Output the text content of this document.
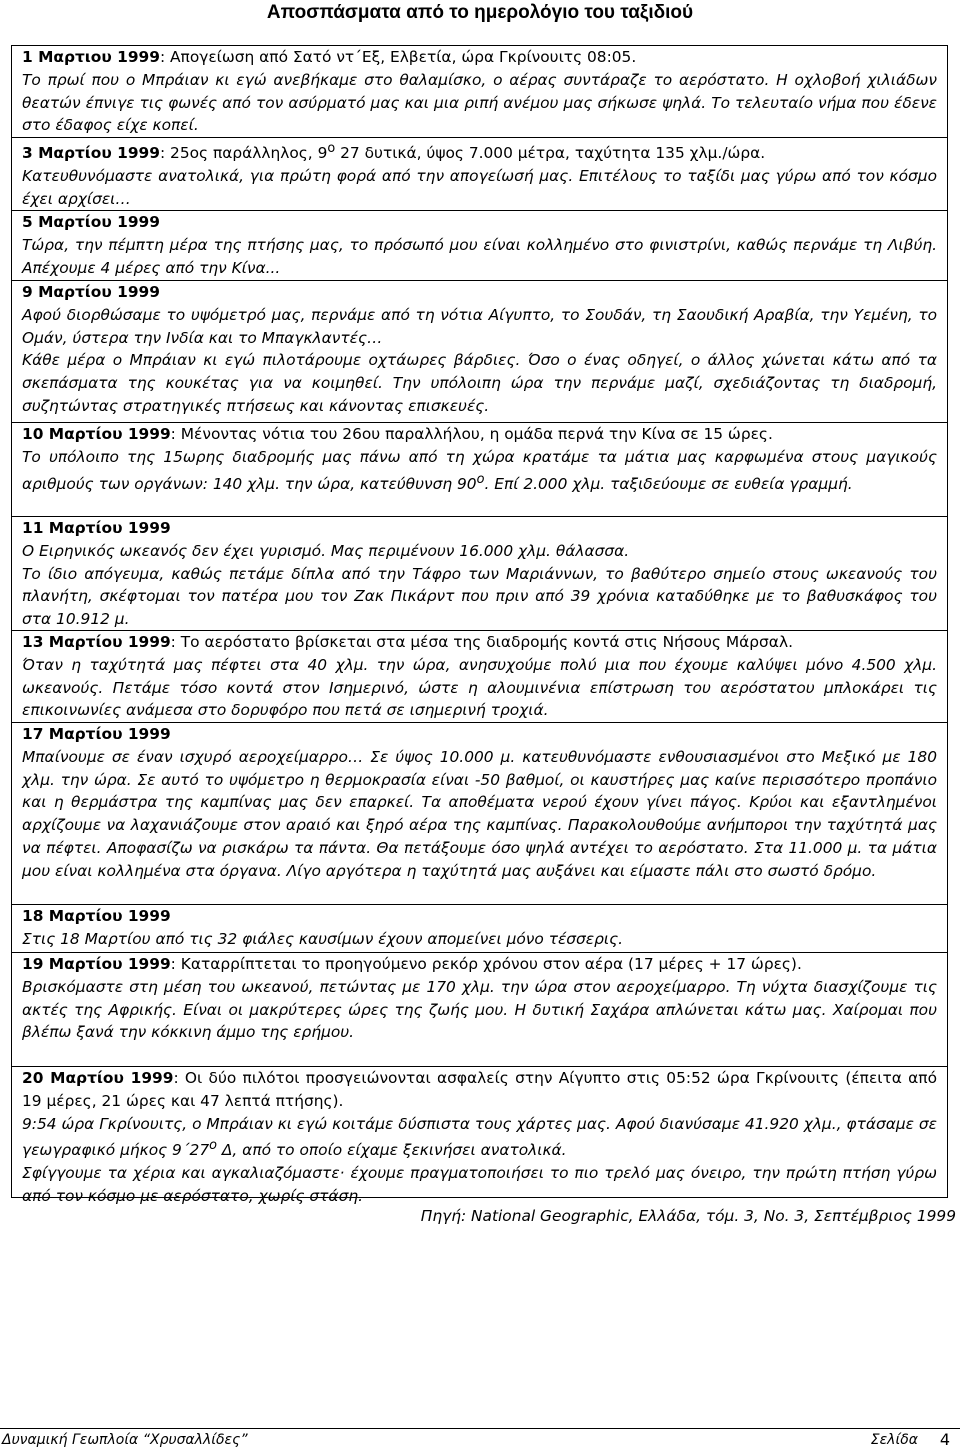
Αποσπάσματα από το ημερολόγιο του ταξιδιού

1 Μαρτιου 1999: Απογείωση από Σατό ντ΄Εξ, Ελβετία, ώρα Γκρίνουιτς 08:05.

Το πρωί που ο Μπράιαν κι εγώ ανεβήκαμε στο θαλαμίσκο, ο αέρας συντάραζε το αερόστατο. Η οχλοβοή χιλιάδων θεατών έπνιγε τις φωνές από τον ασύρματό μας και μια ριπή ανέμου μας σήκωσε ψηλά. Το τελευταίο νήμα που έδενε στο έδαφος είχε κοπεί.

3 Μαρτίου 1999: 25ος παράλληλος, $9^o$ 27 δυτικά, ύψος 7.000 μέτρα, ταχύτητα 135 χλμ./ώρα.

Κατευθυνόμαστε ανατολικά, για πρώτη φορά από την απογείωσή μας. Επιτέλους το ταξίδι μας γύρω από τον κόσμο έχει αρχίσει…

5 Μαρτίου 1999

Τώρα, την πέμπτη μέρα της πτήσης μας, το πρόσωπό μου είναι κολλημένο στο φινιστρίνι, καθώς περνάμε τη Λιβύη. Απέχουμε 4 μέρες από την Κίνα...

9 Μαρτίου 1999

Αφού διορθώσαμε το υψόμετρό μας, περνάμε από τη νότια Αίγυπτο, το Σουδάν, τη Σαουδική Αραβία, την Υεμένη, το Ομάν, ύστερα την Ινδία και το Μπαγκλαντές…

Κάθε μέρα ο Μπράιαν κι εγώ πιλοτάρουμε οχτάωρες βάρδιες. Όσο ο ένας οδηγεί, ο άλλος χώνεται κάτω από τα σκεπάσματα της κουκέτας για να κοιμηθεί. Την υπόλοιπη ώρα την περνάμε μαζί, σχεδιάζοντας τη διαδρομή, συζητώντας στρατηγικές πτήσεως και κάνοντας επισκευές.

10 Μαρτίου 1999: Μένοντας νότια του 26ου παραλλήλου, η ομάδα περνά την Κίνα σε 15 ώρες.

Το υπόλοιπο της 15ωρης διαδρομής μας πάνω από τη χώρα κρατάμε τα μάτια μας καρφωμένα στους μαγικούς αριθμούς των οργάνων: 140 χλμ. την ώρα, κατεύθυνση $90^o$. Επί 2.000 χλμ. ταξιδεύουμε σε ευθεία γραμμή.

11 Μαρτίου 1999

Ο Ειρηνικός ωκεανός δεν έχει γυρισμό. Μας περιμένουν 16.000 χλμ. θάλασσα.

Το ίδιο απόγευμα, καθώς πετάμε δίπλα από την Τάφρο των Μαριάννων, το βαθύτερο σημείο στους ωκεανούς του πλανήτη, σκέφτομαι τον πατέρα μου τον Ζακ Πικάρντ που πριν από 39 χρόνια καταδύθηκε με το βαθυσκάφος του στα 10.912 μ.

13 Μαρτίου 1999: Το αερόστατο βρίσκεται στα μέσα της διαδρομής κοντά στις Νήσους Μάρσαλ.

Όταν η ταχύτητά μας πέφτει στα 40 χλμ. την ώρα, ανησυχούμε πολύ μια που έχουμε καλύψει μόνο 4.500 χλμ. ωκεανούς. Πετάμε τόσο κοντά στον Ισημερινό, ώστε η αλουμινένια επίστρωση του αερόστατου μπλοκάρει τις επικοινωνίες ανάμεσα στο δορυφόρο που πετά σε ισημερινή τροχιά.

17 Μαρτίου 1999

Μπαίνουμε σε έναν ισχυρό αεροχείμαρρο… Σε ύψος 10.000 μ. κατευθυνόμαστε ενθουσιασμένοι στο Μεξικό με 180 χλμ. την ώρα. Σε αυτό το υψόμετρο η θερμοκρασία είναι -50 βαθμοί, οι καυστήρες μας καίνε περισσότερο προπάνιο και η θερμάστρα της καμπίνας μας δεν επαρκεί. Τα αποθέματα νερού έχουν γίνει πάγος. Κρύοι και εξαντλημένοι αρχίζουμε να λαχανιάζουμε στον αραιό και ξηρό αέρα της καμπίνας. Παρακολουθούμε ανήμποροι την ταχύτητά μας να πέφτει. Αποφασίζω να ρισκάρω τα πάντα. Θα πετάξουμε όσο ψηλά αντέχει το αερόστατο. Στα 11.000 μ. τα μάτια μου είναι κολλημένα στα όργανα. Λίγο αργότερα η ταχύτητά μας αυξάνει και είμαστε πάλι στο σωστό δρόμο.

18 Μαρτίου 1999

Στις 18 Μαρτίου από τις 32 φιάλες καυσίμων έχουν απομείνει μόνο τέσσερις.

19 Μαρτίου 1999: Καταρρίπτεται το προηγούμενο ρεκόρ χρόνου στον αέρα (17 μέρες + 17 ώρες).

Βρισκόμαστε στη μέση του ωκεανού, πετώντας με 170 χλμ. την ώρα στον αεροχείμαρρο. Τη νύχτα διασχίζουμε τις ακτές της Αφρικής. Είναι οι μακρύτερες ώρες της ζωής μου. Η δυτική Σαχάρα απλώνεται κάτω μας. Χαίρομαι που βλέπω ξανά την κόκκινη άμμο της ερήμου.

20 Μαρτίου 1999: Οι δύο πιλότοι προσγειώνονται ασφαλείς στην Αίγυπτο στις 05:52 ώρα Γκρίνουιτς (έπειτα από 19 μέρες, 21 ώρες και 47 λεπτά πτήσης).

9:54 ώρα Γκρίνουιτς, ο Μπράιαν κι εγώ κοιτάμε δύσπιστα τους χάρτες μας. Αφού διανύσαμε 41.920 χλμ., φτάσαμε σε γεωγραφικό μήκος $9΄27^o$ Δ, από το οποίο είχαμε ξεκινήσει ανατολικά.

Σφίγγουμε τα χέρια και αγκαλιαζόμαστε· έχουμε πραγματοποιήσει το πιο τρελό μας όνειρο, την πρώτη πτήση γύρω από τον κόσμο με αερόστατο, χωρίς στάση.

Πηγή: National Geographic, Ελλάδα, τόμ. 3, No. 3, Σεπτέμβριος 1999
Δυναμική Γεωπλοία “Χρυσαλλίδες”	Σελίδα 4
